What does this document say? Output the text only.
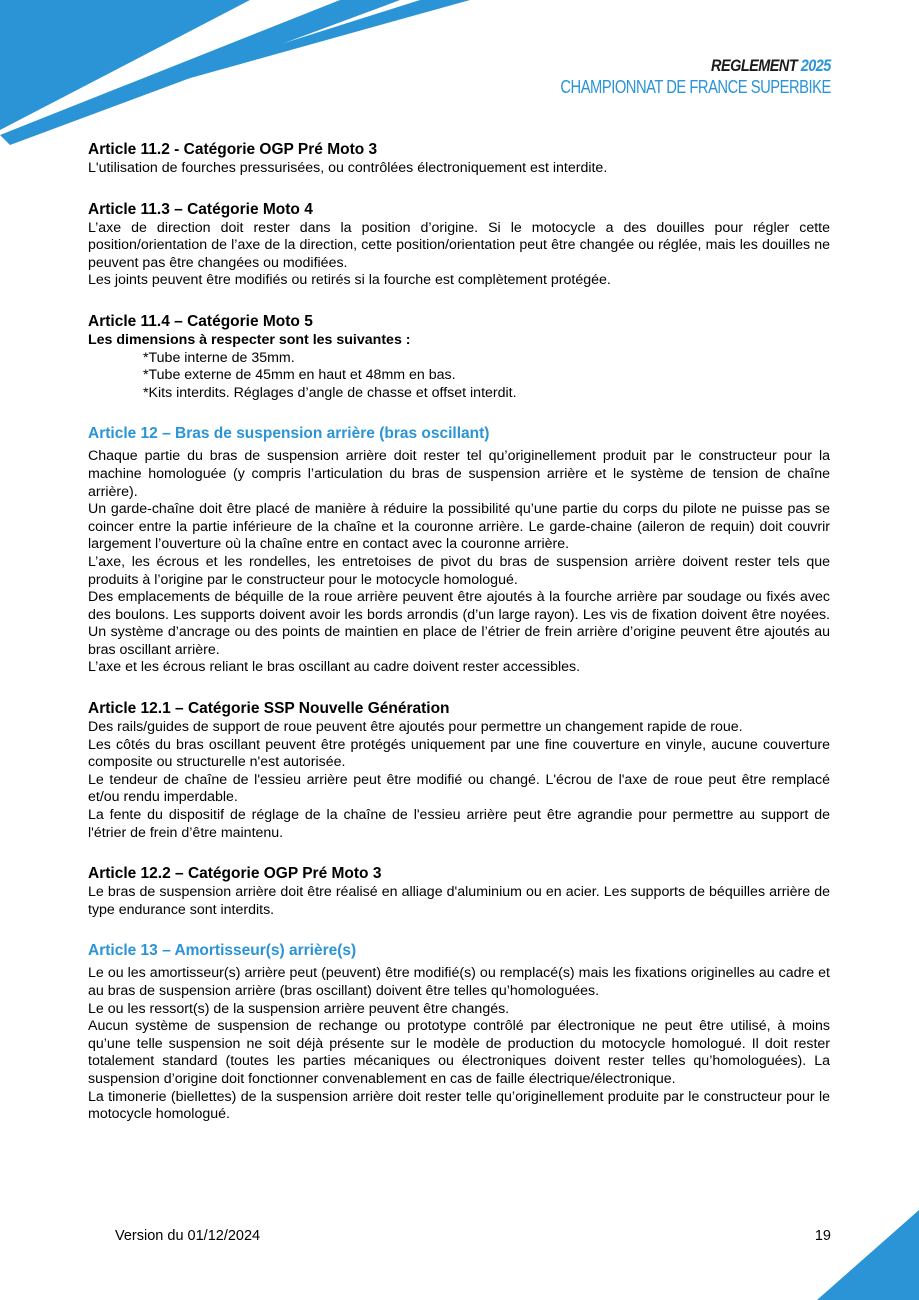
REGLEMENT 2025
CHAMPIONNAT DE FRANCE SUPERBIKE

Article 11.2 - Catégorie OGP Pré Moto 3

L'utilisation de fourches pressurisées, ou contrôlées électroniquement est interdite.

Article 11.3 – Catégorie Moto 4

L’axe de direction doit rester dans la position d’origine. Si le motocycle a des douilles pour régler cette position/orientation de l’axe de la direction, cette position/orientation peut être changée ou réglée, mais les douilles ne peuvent pas être changées ou modifiées.

Les joints peuvent être modifiés ou retirés si la fourche est complètement protégée.

Article 11.4 – Catégorie Moto 5

Les dimensions à respecter sont les suivantes :

*Tube interne de 35mm.

*Tube externe de 45mm en haut et 48mm en bas.

*Kits interdits. Réglages d’angle de chasse et offset interdit.

Article 12 – Bras de suspension arrière (bras oscillant)

Chaque partie du bras de suspension arrière doit rester tel qu’originellement produit par le constructeur pour la machine homologuée (y compris l’articulation du bras de suspension arrière et le système de tension de chaîne arrière).

Un garde-chaîne doit être placé de manière à réduire la possibilité qu’une partie du corps du pilote ne puisse pas se coincer entre la partie inférieure de la chaîne et la couronne arrière. Le garde-chaine (aileron de requin) doit couvrir largement l’ouverture où la chaîne entre en contact avec la couronne arrière.

L’axe, les écrous et les rondelles, les entretoises de pivot du bras de suspension arrière doivent rester tels que produits à l’origine par le constructeur pour le motocycle homologué.

Des emplacements de béquille de la roue arrière peuvent être ajoutés à la fourche arrière par soudage ou fixés avec des boulons. Les supports doivent avoir les bords arrondis (d’un large rayon). Les vis de fixation doivent être noyées. Un système d’ancrage ou des points de maintien en place de l’étrier de frein arrière d’origine peuvent être ajoutés au bras oscillant arrière.

L’axe et les écrous reliant le bras oscillant au cadre doivent rester accessibles.

Article 12.1 – Catégorie SSP Nouvelle Génération

Des rails/guides de support de roue peuvent être ajoutés pour permettre un changement rapide de roue.

Les côtés du bras oscillant peuvent être protégés uniquement par une fine couverture en vinyle, aucune couverture composite ou structurelle n'est autorisée.

Le tendeur de chaîne de l'essieu arrière peut être modifié ou changé. L'écrou de l'axe de roue peut être remplacé et/ou rendu imperdable.

La fente du dispositif de réglage de la chaîne de l'essieu arrière peut être agrandie pour permettre au support de l'étrier de frein d’être maintenu.

Article 12.2 – Catégorie OGP Pré Moto 3

Le bras de suspension arrière doit être réalisé en alliage d'aluminium ou en acier. Les supports de béquilles arrière de type endurance sont interdits.

Article 13 – Amortisseur(s) arrière(s)

Le ou les amortisseur(s) arrière peut (peuvent) être modifié(s) ou remplacé(s) mais les fixations originelles au cadre et au bras de suspension arrière (bras oscillant) doivent être telles qu’homologuées.

Le ou les ressort(s) de la suspension arrière peuvent être changés.

Aucun système de suspension de rechange ou prototype contrôlé par électronique ne peut être utilisé, à moins qu’une telle suspension ne soit déjà présente sur le modèle de production du motocycle homologué. Il doit rester totalement standard (toutes les parties mécaniques ou électroniques doivent rester telles qu’homologuées). La suspension d’origine doit fonctionner convenablement en cas de faille électrique/électronique.

La timonerie (biellettes) de la suspension arrière doit rester telle qu’originellement produite par le constructeur pour le motocycle homologué.

Version du 01/12/2024	19
